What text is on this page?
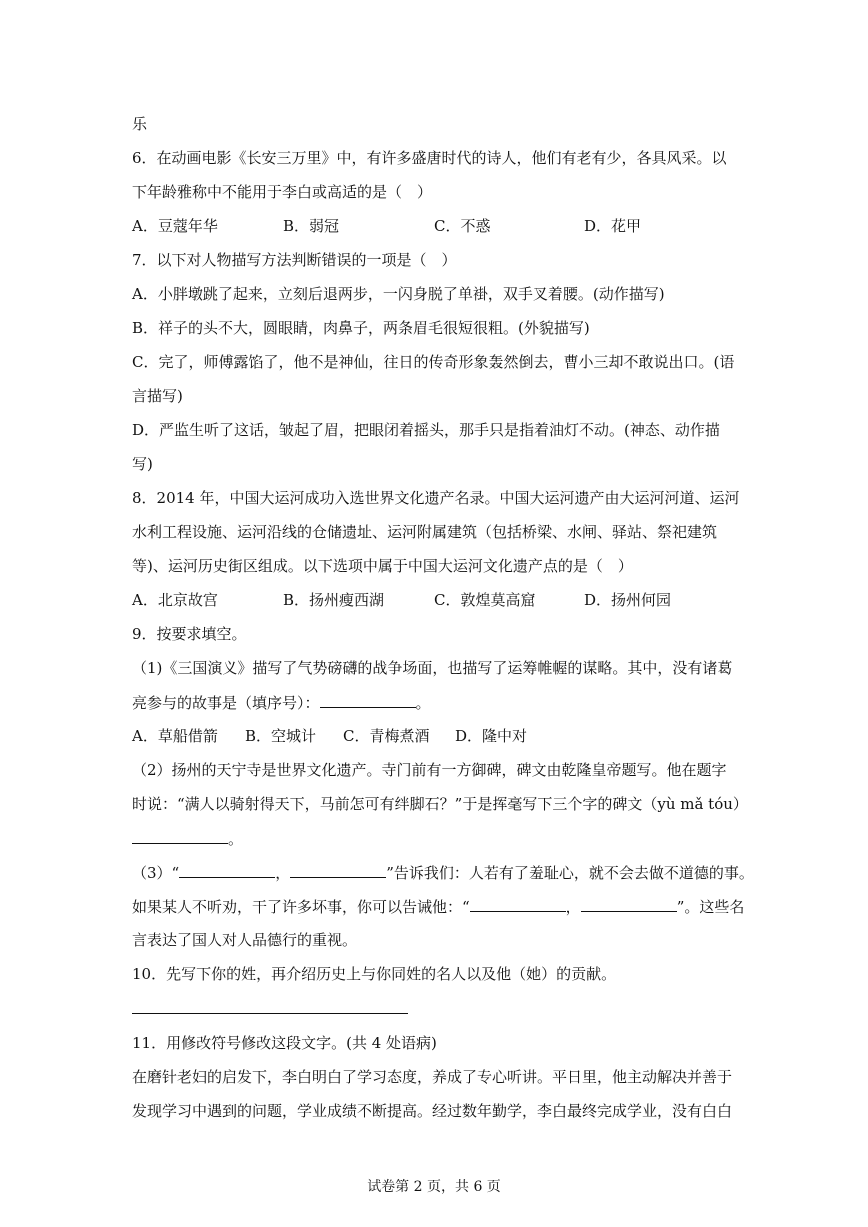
乐
6．在动画电影《长安三万里》中，有许多盛唐时代的诗人，他们有老有少，各具风采。以
下年龄雅称中不能用于李白或高适的是（　）
A．豆蔻年华	B．弱冠	C．不惑	D．花甲
7．以下对人物描写方法判断错误的一项是（　）
A．小胖墩跳了起来，立刻后退两步，一闪身脱了单褂，双手叉着腰。(动作描写)
B．祥子的头不大，圆眼睛，肉鼻子，两条眉毛很短很粗。(外貌描写)
C．完了，师傅露馅了，他不是神仙，往日的传奇形象轰然倒去，曹小三却不敢说出口。(语
言描写)
D．严监生听了这话，皱起了眉，把眼闭着摇头，那手只是指着油灯不动。(神态、动作描
写)
8．2014 年，中国大运河成功入选世界文化遗产名录。中国大运河遗产由大运河河道、运河
水利工程设施、运河沿线的仓储遗址、运河附属建筑（包括桥梁、水闸、驿站、祭祀建筑
等)、运河历史街区组成。以下选项中属于中国大运河文化遗产点的是（　）
A．北京故宫	B．扬州瘦西湖	C．敦煌莫高窟	D．扬州何园
9．按要求填空。
（1)《三国演义》描写了气势磅礴的战争场面，也描写了运筹帷幄的谋略。其中，没有诸葛
亮参与的故事是（填序号）：	。
A．草船借箭 B．空城计 C．青梅煮酒 D．隆中对
（2）扬州的天宁寺是世界文化遗产。寺门前有一方御碑，碑文由乾隆皇帝题写。他在题字
时说：“满人以骑射得天下，马前怎可有绊脚石？”于是挥毫写下三个字的碑文（yù mǎ tóu）
。
（3）“	，	”告诉我们：人若有了羞耻心，就不会去做不道德的事。
如果某人不听劝，干了许多坏事，你可以告诫他：“	，	”。这些名
言表达了国人对人品德行的重视。
10．先写下你的姓，再介绍历史上与你同姓的名人以及他（她）的贡献。
11．用修改符号修改这段文字。(共 4 处语病)
在磨针老妇的启发下，李白明白了学习态度，养成了专心听讲。平日里，他主动解决并善于
发现学习中遇到的问题，学业成绩不断提高。经过数年勤学，李白最终完成学业，没有白白
试卷第 2 页，共 6 页
